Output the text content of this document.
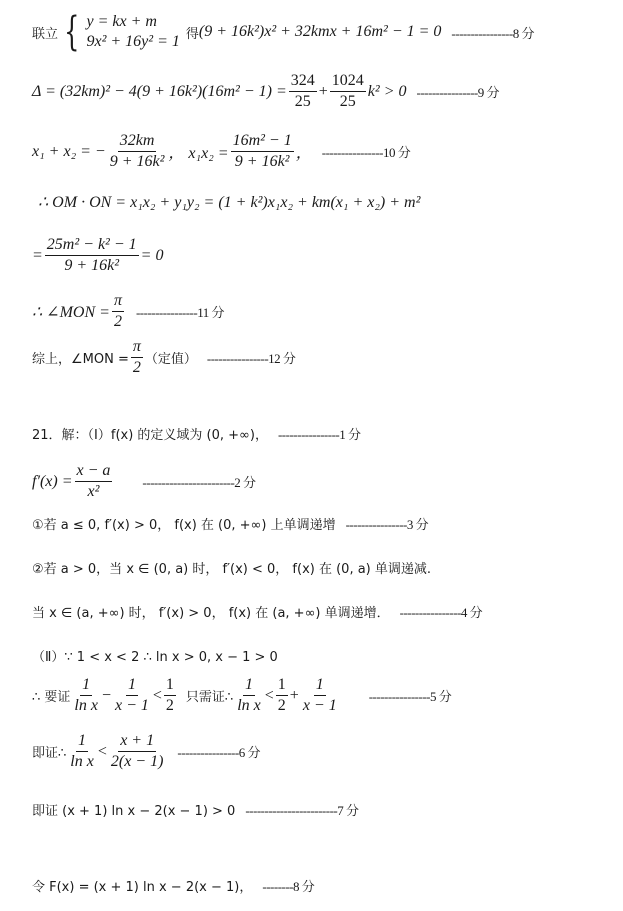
联立 { y = kx + m
9x² + 16y² = 1 得 (9 + 16k²)x² + 32kmx + 16m² − 1 = 0 ----------------8 分
$\Delta = (32km)^2 - 4(9 + 16k^2)(16m^2 - 1) = \frac{324}{25} + \frac{1024}{25} k^2 > 0$ ----------------9 分
x₁ + x₂ = − $\frac{32km}{\text{9 + 16k²}}$ ， $x_1x_2 = \frac{\text{16m² − 1}}{\text{9 + 16k²}}$ ， ----------------10 分
∴ OM · ON = x₁x₂ + y₁y₂ = (1 + k²)x₁x₂ + km(x₁ + x₂) + m²
= $\frac{\text{25m² − k² − 1}}{\text{9 + 16k²}} = 0$
∴ ∠MON = $\frac{\pi}{2} ----------------11$ 分
综上，∠MON = $\frac{\pi}{2}$ （定值） ----------------12 分
21．解：（Ⅰ）f(x) 的定义域为 (0, +∞)， ----------------1 分
$f'(x) = \frac{x - a}{\text{x²}} ------------------------2$ 分
①若 a ≤ 0, f′(x) > 0， f(x) 在 (0, +∞) 上单调递增 ----------------3 分
②若 a > 0，当 x ∈ (0, a) 时， f′(x) < 0， f(x) 在 (0, a) 单调递减.
当 x ∈ (a, +∞) 时， f′(x) > 0， f(x) 在 (a, +∞) 单调递增． ----------------4 分
（Ⅱ）∵ 1 < x < 2 ∴ ln x > 0, x − 1 > 0
∴ 要证 $\frac{1}{\text{ln x}} - \frac{1}{x - 1} < \frac{1}{2}$ 只需证∴ $\frac{1}{\text{ln x}} < \frac{1}{2} + \frac{1}{x - 1} ----------------5$ 分
即证∴ $\frac{1}{\text{ln x}} < \frac{x + 1}{2(x - 1)} ----------------6$ 分
即证 (x + 1) ln x − 2(x − 1) > 0 ------------------------7 分
令 F(x) = (x + 1) ln x − 2(x − 1)， --------8 分
